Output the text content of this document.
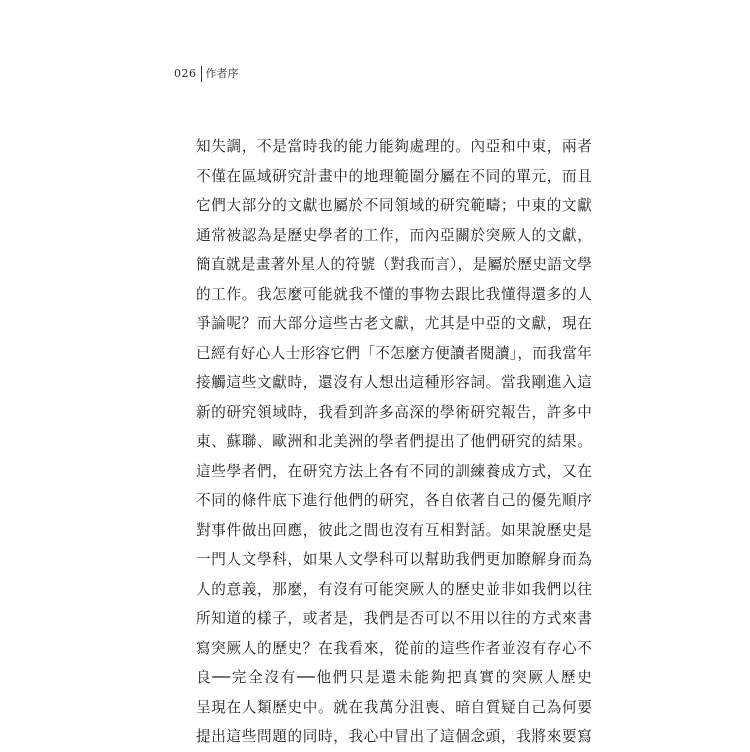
026 作者序
知失調，不是當時我的能力能夠處理的。內亞和中東，兩者
不僅在區域研究計畫中的地理範圍分屬在不同的單元，而且
它們大部分的文獻也屬於不同領域的研究範疇；中東的文獻
通常被認為是歷史學者的工作，而內亞關於突厥人的文獻，
簡直就是畫著外星人的符號（對我而言），是屬於歷史語文學
的工作。我怎麼可能就我不懂的事物去跟比我懂得還多的人
爭論呢？而大部分這些古老文獻，尤其是中亞的文獻，現在
已經有好心人士形容它們「不怎麼方便讀者閱讀」，而我當年
接觸這些文獻時，還沒有人想出這種形容詞。當我剛進入這
新的研究領域時，我看到許多高深的學術研究報告，許多中
東、蘇聯、歐洲和北美洲的學者們提出了他們研究的結果。
這些學者們，在研究方法上各有不同的訓練養成方式，又在
不同的條件底下進行他們的研究，各自依著自己的優先順序
對事件做出回應，彼此之間也沒有互相對話。如果說歷史是
一門人文學科，如果人文學科可以幫助我們更加瞭解身而為
人的意義，那麼，有沒有可能突厥人的歷史並非如我們以往
所知道的樣子，或者是，我們是否可以不用以往的方式來書
寫突厥人的歷史？在我看來，從前的這些作者並沒有存心不
良──完全沒有──他們只是還未能夠把真實的突厥人歷史
呈現在人類歷史中。就在我萬分沮喪、暗自質疑自己為何要
提出這些問題的同時，我心中冒出了這個念頭，我將來要寫
